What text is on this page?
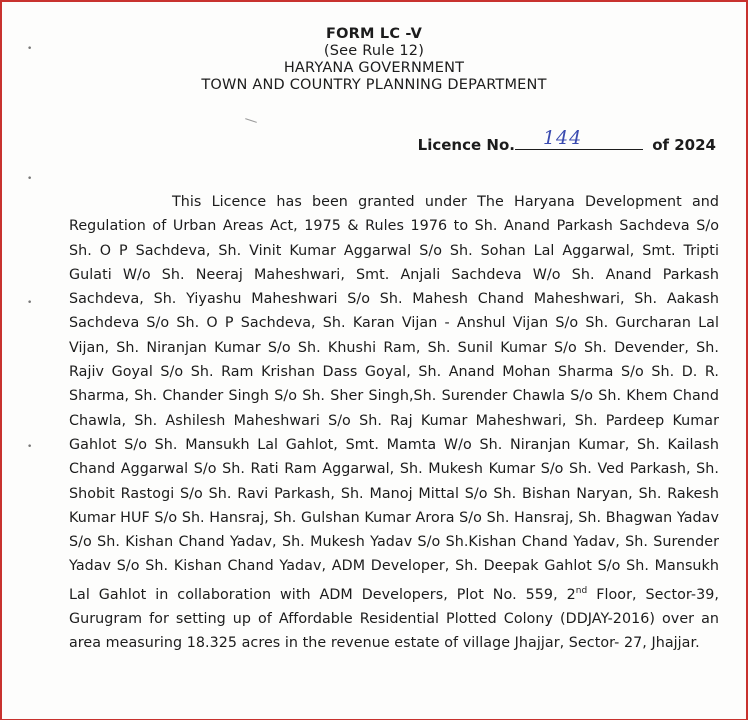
FORM LC -V
(See Rule 12)
HARYANA GOVERNMENT
TOWN AND COUNTRY PLANNING DEPARTMENT
Licence No. 144	of 2024
This Licence has been granted under The Haryana Development and Regulation of Urban Areas Act, 1975 & Rules 1976 to Sh. Anand Parkash Sachdeva S/o Sh. O P Sachdeva, Sh. Vinit Kumar Aggarwal S/o Sh. Sohan Lal Aggarwal, Smt. Tripti Gulati W/o Sh. Neeraj Maheshwari, Smt. Anjali Sachdeva W/o Sh. Anand Parkash Sachdeva, Sh. Yiyashu Maheshwari S/o Sh. Mahesh Chand Maheshwari, Sh. Aakash Sachdeva S/o Sh. O P Sachdeva, Sh. Karan Vijan - Anshul Vijan S/o Sh. Gurcharan Lal Vijan, Sh. Niranjan Kumar S/o Sh. Khushi Ram, Sh. Sunil Kumar S/o Sh. Devender, Sh. Rajiv Goyal S/o Sh. Ram Krishan Dass Goyal, Sh. Anand Mohan Sharma S/o Sh. D. R. Sharma, Sh. Chander Singh S/o Sh. Sher Singh,Sh. Surender Chawla S/o Sh. Khem Chand Chawla, Sh. Ashilesh Maheshwari S/o Sh. Raj Kumar Maheshwari, Sh. Pardeep Kumar Gahlot S/o Sh. Mansukh Lal Gahlot, Smt. Mamta W/o Sh. Niranjan Kumar, Sh. Kailash Chand Aggarwal S/o Sh. Rati Ram Aggarwal, Sh. Mukesh Kumar S/o Sh. Ved Parkash, Sh. Shobit Rastogi S/o Sh. Ravi Parkash, Sh. Manoj Mittal S/o Sh. Bishan Naryan, Sh. Rakesh Kumar HUF S/o Sh. Hansraj, Sh. Gulshan Kumar Arora S/o Sh. Hansraj, Sh. Bhagwan Yadav S/o Sh. Kishan Chand Yadav, Sh. Mukesh Yadav S/o Sh.Kishan Chand Yadav, Sh. Surender Yadav S/o Sh. Kishan Chand Yadav, ADM Developer, Sh. Deepak Gahlot S/o Sh. Mansukh Lal Gahlot in collaboration with ADM Developers, Plot No. 559, 2nd Floor, Sector-39, Gurugram for setting up of Affordable Residential Plotted Colony (DDJAY-2016) over an area measuring 18.325 acres in the revenue estate of village Jhajjar, Sector- 27, Jhajjar.
•
•
•
•
